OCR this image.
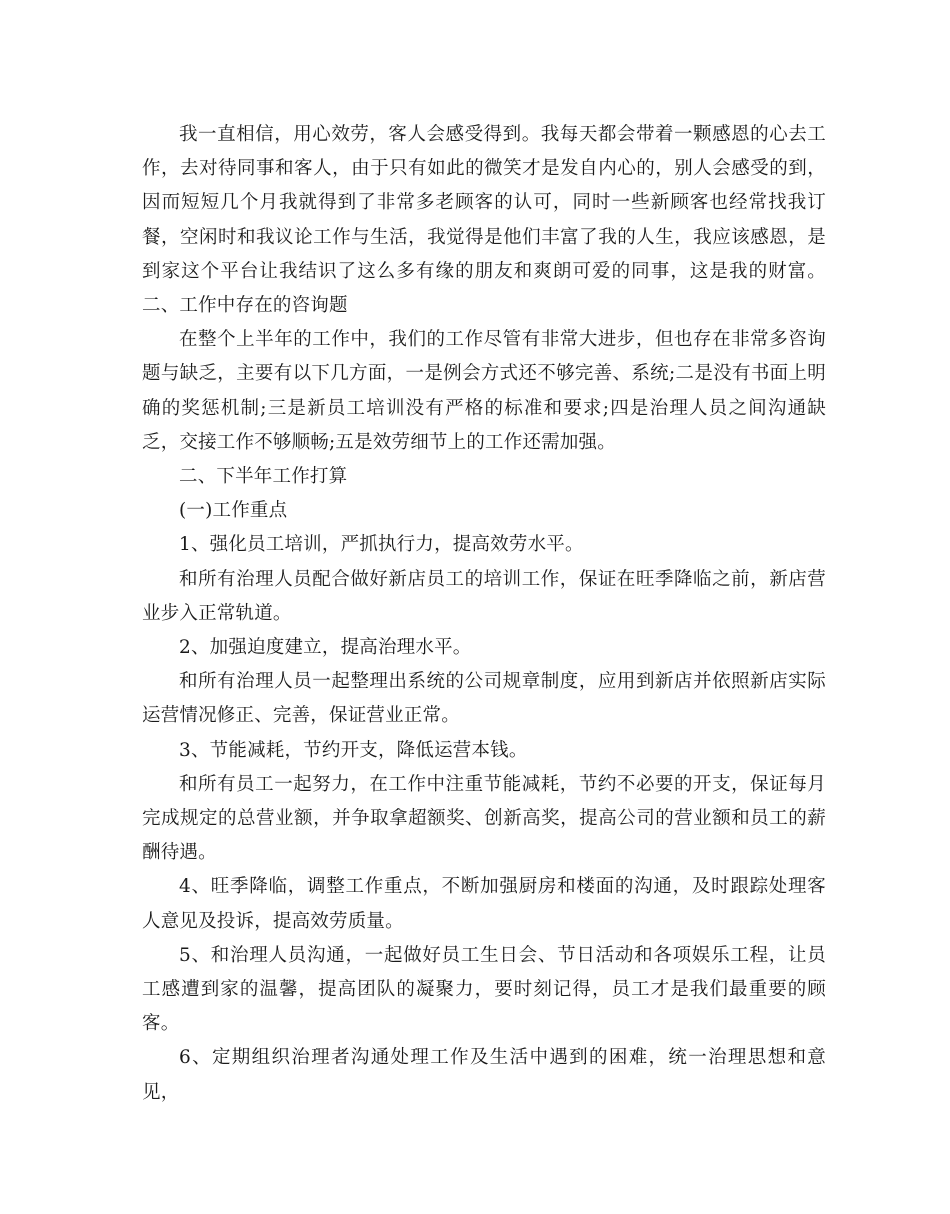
我一直相信，用心效劳，客人会感受得到。我每天都会带着一颗感恩的心去工作，去对待同事和客人，由于只有如此的微笑才是发自内心的，别人会感受的到，因而短短几个月我就得到了非常多老顾客的认可，同时一些新顾客也经常找我订餐，空闲时和我议论工作与生活，我觉得是他们丰富了我的人生，我应该感恩，是到家这个平台让我结识了这么多有缘的朋友和爽朗可爱的同事，这是我的财富。二、工作中存在的咨询题

在整个上半年的工作中，我们的工作尽管有非常大进步，但也存在非常多咨询题与缺乏，主要有以下几方面，一是例会方式还不够完善、系统;二是没有书面上明确的奖惩机制;三是新员工培训没有严格的标准和要求;四是治理人员之间沟通缺乏，交接工作不够顺畅;五是效劳细节上的工作还需加强。

二、下半年工作打算

(一)工作重点

1、强化员工培训，严抓执行力，提高效劳水平。

和所有治理人员配合做好新店员工的培训工作，保证在旺季降临之前，新店营业步入正常轨道。

2、加强迫度建立，提高治理水平。

和所有治理人员一起整理出系统的公司规章制度，应用到新店并依照新店实际运营情况修正、完善，保证营业正常。

3、节能减耗，节约开支，降低运营本钱。

和所有员工一起努力，在工作中注重节能减耗，节约不必要的开支，保证每月完成规定的总营业额，并争取拿超额奖、创新高奖，提高公司的营业额和员工的薪酬待遇。

4、旺季降临，调整工作重点，不断加强厨房和楼面的沟通，及时跟踪处理客人意见及投诉，提高效劳质量。

5、和治理人员沟通，一起做好员工生日会、节日活动和各项娱乐工程，让员工感遭到家的温馨，提高团队的凝聚力，要时刻记得，员工才是我们最重要的顾客。

6、定期组织治理者沟通处理工作及生活中遇到的困难，统一治理思想和意见，
